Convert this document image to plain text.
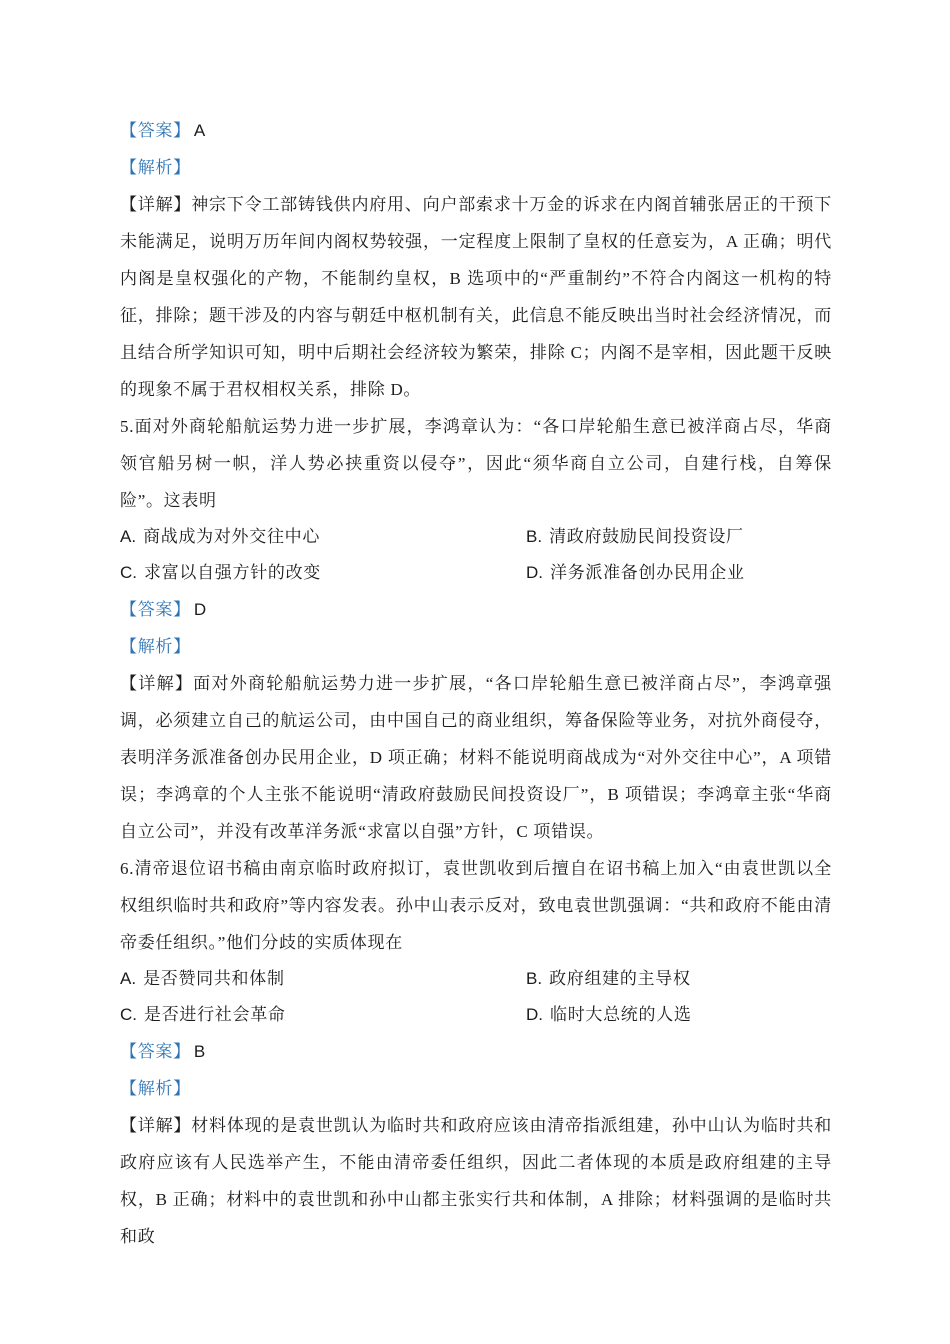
【答案】 A

【解析】

【详解】神宗下令工部铸钱供内府用、向户部索求十万金的诉求在内阁首辅张居正的干预下未能满足，说明万历年间内阁权势较强，一定程度上限制了皇权的任意妄为，A 正确；明代内阁是皇权强化的产物，不能制约皇权，B 选项中的“严重制约”不符合内阁这一机构的特征，排除；题干涉及的内容与朝廷中枢机制有关，此信息不能反映出当时社会经济情况，而且结合所学知识可知，明中后期社会经济较为繁荣，排除 C；内阁不是宰相，因此题干反映的现象不属于君权相权关系，排除 D。

5.面对外商轮船航运势力进一步扩展，李鸿章认为：“各口岸轮船生意已被洋商占尽，华商领官船另树一帜，洋人势必挟重资以侵夺”，因此“须华商自立公司，自建行栈，自筹保险”。这表明

A. 商战成为对外交往中心	B. 清政府鼓励民间投资设厂
C. 求富以自强方针的改变	D. 洋务派准备创办民用企业

【答案】 D

【解析】

【详解】面对外商轮船航运势力进一步扩展，“各口岸轮船生意已被洋商占尽”，李鸿章强调，必须建立自己的航运公司，由中国自己的商业组织，筹备保险等业务，对抗外商侵夺，表明洋务派准备创办民用企业，D 项正确；材料不能说明商战成为“对外交往中心”，A 项错误；李鸿章的个人主张不能说明“清政府鼓励民间投资设厂”，B 项错误；李鸿章主张“华商自立公司”，并没有改革洋务派“求富以自强”方针，C 项错误。

6.清帝退位诏书稿由南京临时政府拟订，袁世凯收到后擅自在诏书稿上加入“由袁世凯以全权组织临时共和政府”等内容发表。孙中山表示反对，致电袁世凯强调：“共和政府不能由清帝委任组织。”他们分歧的实质体现在

A. 是否赞同共和体制	B. 政府组建的主导权
C. 是否进行社会革命	D. 临时大总统的人选

【答案】 B

【解析】

【详解】材料体现的是袁世凯认为临时共和政府应该由清帝指派组建，孙中山认为临时共和政府应该有人民选举产生，不能由清帝委任组织，因此二者体现的本质是政府组建的主导权，B 正确；材料中的袁世凯和孙中山都主张实行共和体制，A 排除；材料强调的是临时共和政
